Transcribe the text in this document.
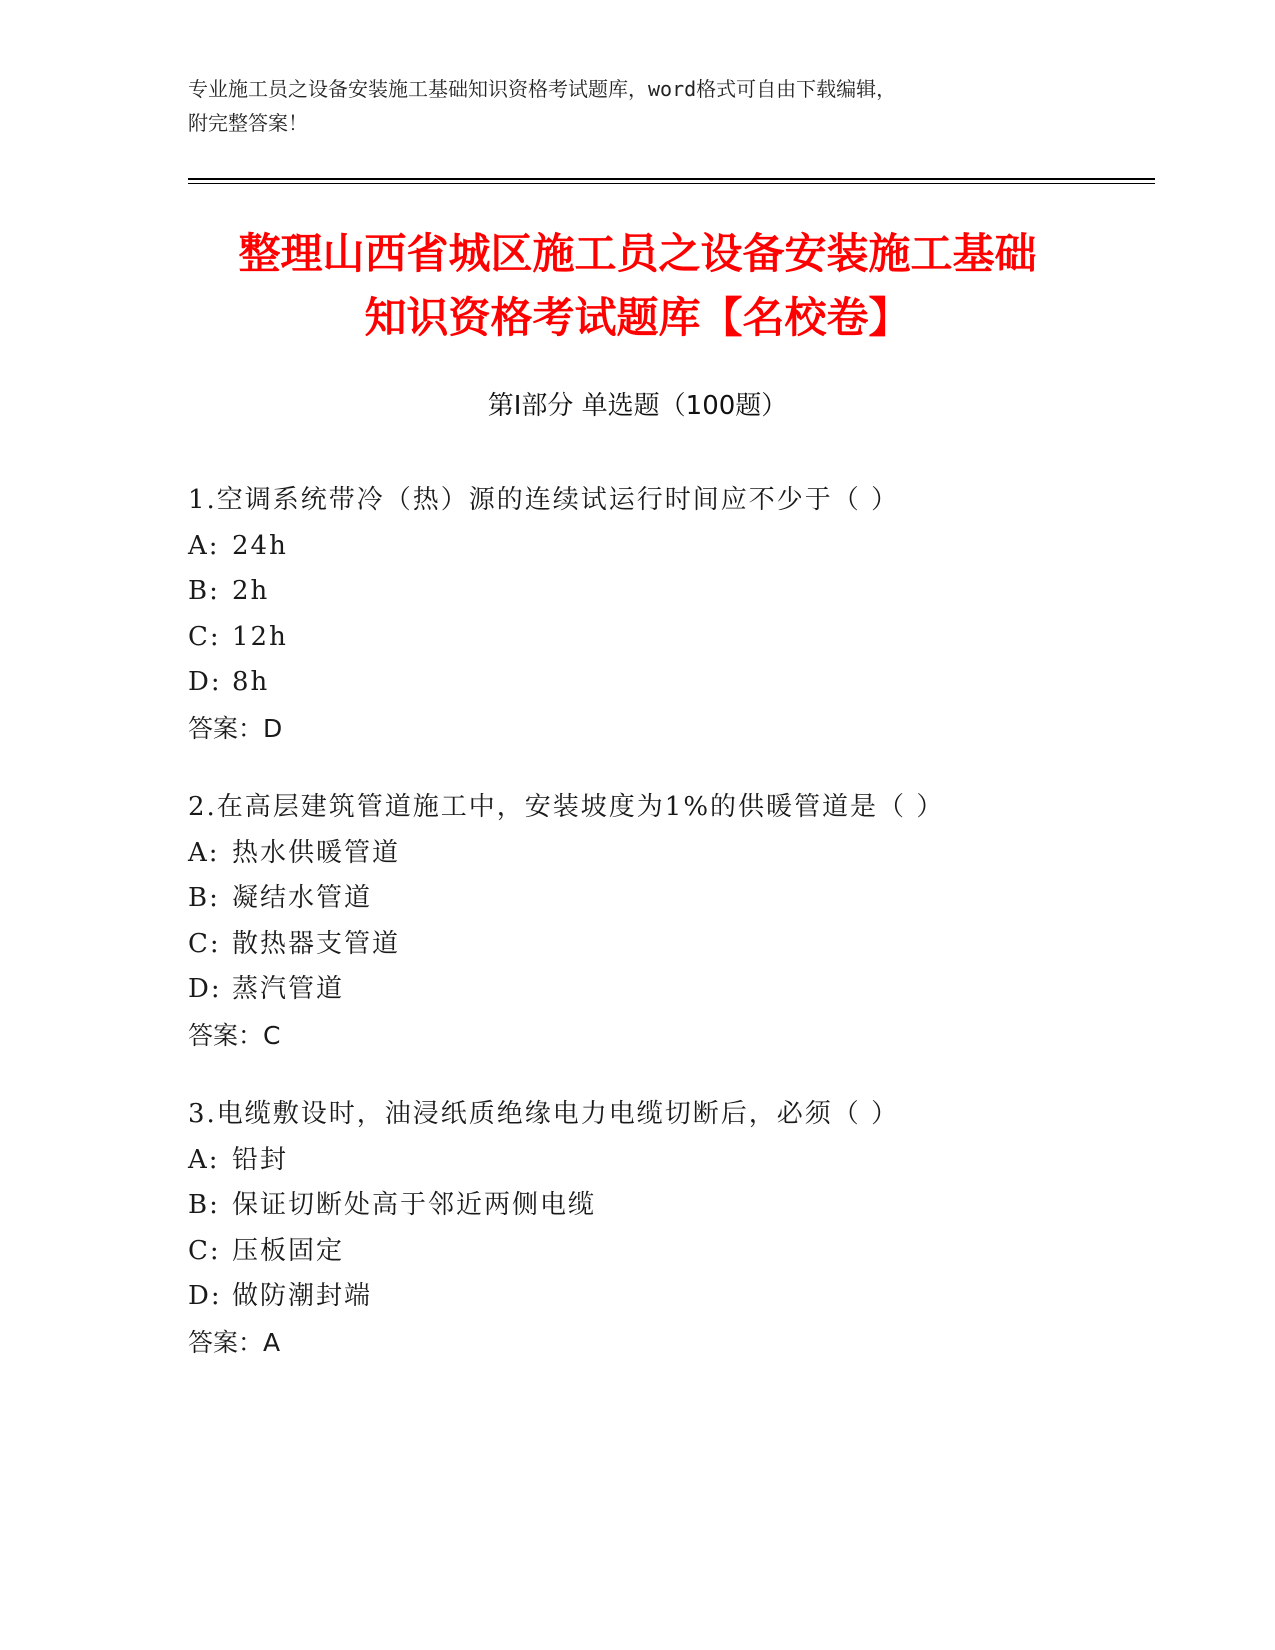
专业施工员之设备安装施工基础知识资格考试题库，word格式可自由下载编辑，
附完整答案！
整理山西省城区施工员之设备安装施工基础
知识资格考试题库【名校卷】
第Ⅰ部分 单选题（100题）
1.空调系统带冷（热）源的连续试运行时间应不少于（ ）
A: 24h
B: 2h
C: 12h
D: 8h
答案：D
2.在高层建筑管道施工中，安装坡度为1%的供暖管道是（ ）
A: 热水供暖管道
B: 凝结水管道
C: 散热器支管道
D: 蒸汽管道
答案：C
3.电缆敷设时，油浸纸质绝缘电力电缆切断后，必须（ ）
A: 铅封
B: 保证切断处高于邻近两侧电缆
C: 压板固定
D: 做防潮封端
答案：A
